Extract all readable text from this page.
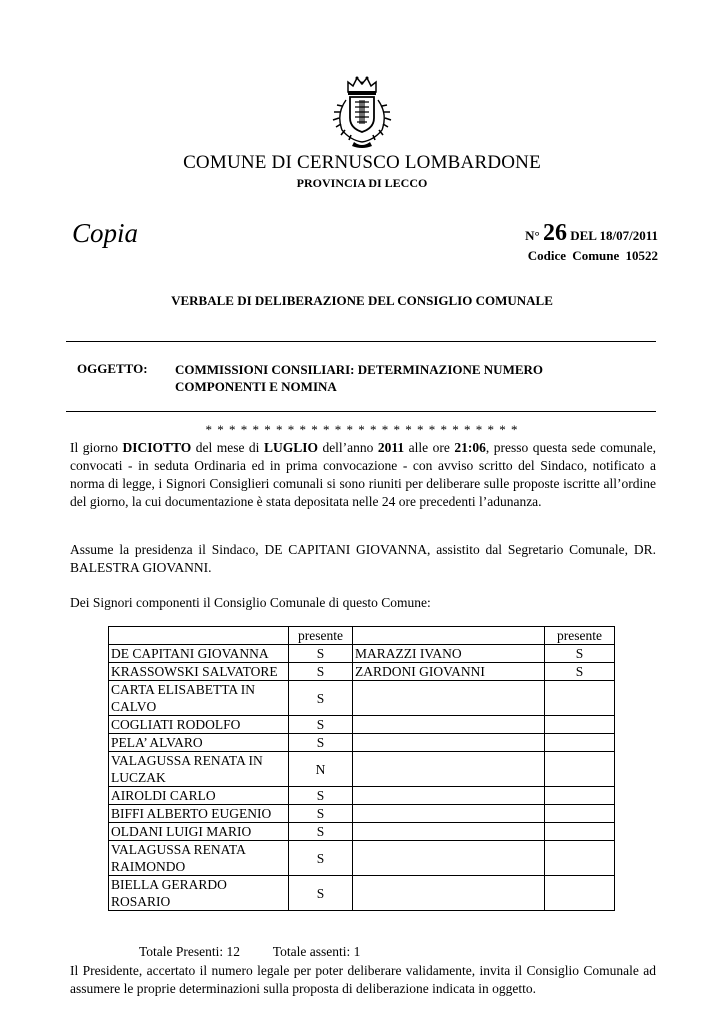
COMUNE DI CERNUSCO LOMBARDONE
PROVINCIA DI LECCO
Copia	N° 26 DEL 18/07/2011
Codice Comune 10522
VERBALE DI DELIBERAZIONE DEL CONSIGLIO COMUNALE
OGGETTO: COMMISSIONI CONSILIARI: DETERMINAZIONE NUMERO
COMPONENTI E NOMINA
* * * * * * * * * * * * * * * * * * * * * * * * * * *
Il giorno DICIOTTO del mese di LUGLIO dell’anno 2011 alle ore 21:06, presso questa sede comunale, convocati - in seduta Ordinaria ed in prima convocazione - con avviso scritto del Sindaco, notificato a norma di legge, i Signori Consiglieri comunali si sono riuniti per deliberare sulle proposte iscritte all’ordine del giorno, la cui documentazione è stata depositata nelle 24 ore precedenti l’adunanza.
Assume la presidenza il Sindaco, DE CAPITANI GIOVANNA, assistito dal Segretario Comunale, DR. BALESTRA GIOVANNI.
Dei Signori componenti il Consiglio Comunale di questo Comune:
	presente		presente
DE CAPITANI GIOVANNA	S	MARAZZI IVANO	S
KRASSOWSKI SALVATORE	S	ZARDONI GIOVANNI	S
CARTA ELISABETTA IN CALVO	S		
COGLIATI RODOLFO	S		
PELA’ ALVARO	S		
VALAGUSSA RENATA IN LUCZAK	N		
AIROLDI CARLO	S		
BIFFI ALBERTO EUGENIO	S		
OLDANI LUIGI MARIO	S		
VALAGUSSA RENATA RAIMONDO	S		
BIELLA GERARDO ROSARIO	S		
Totale Presenti: 12 Totale assenti: 1
Il Presidente, accertato il numero legale per poter deliberare validamente, invita il Consiglio Comunale ad assumere le proprie determinazioni sulla proposta di deliberazione indicata in oggetto.
